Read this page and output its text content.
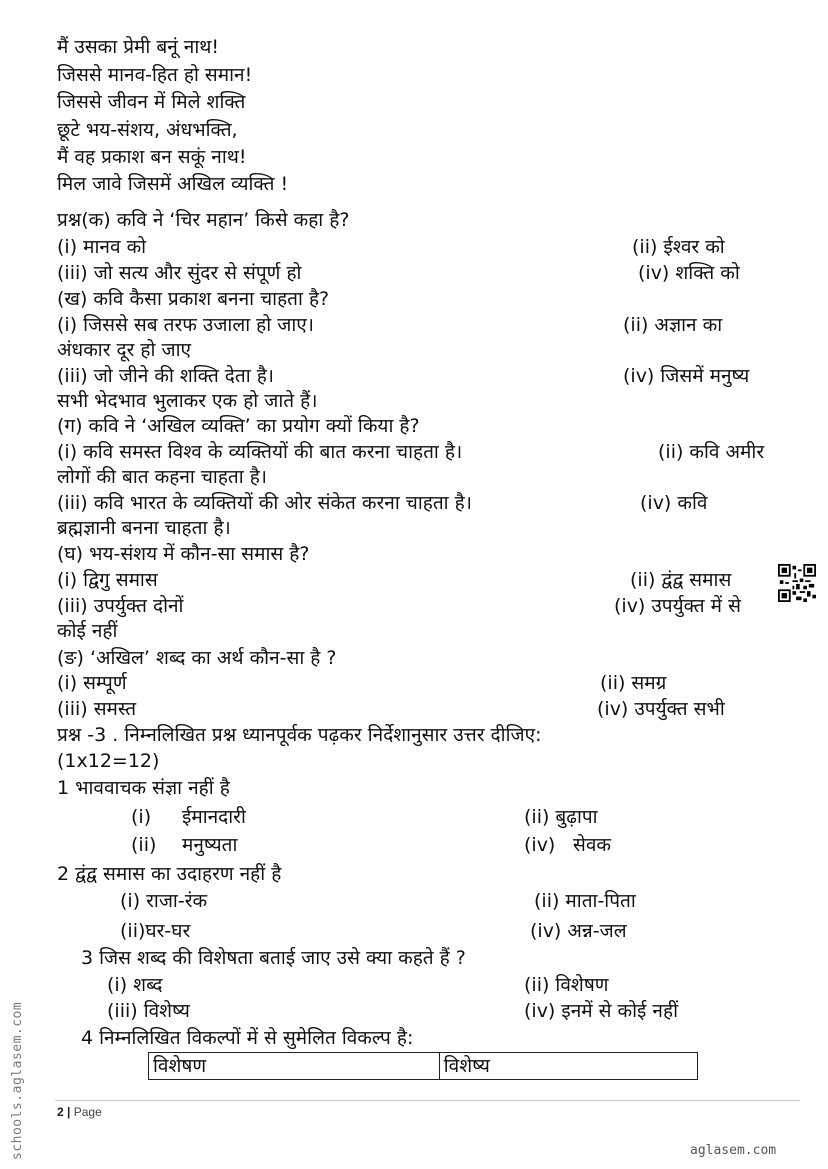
मैं उसका प्रेमी बनूं नाथ!
जिससे मानव-हित हो समान!
जिससे जीवन में मिले शक्ति
छूटे भय-संशय, अंधभक्ति,
मैं वह प्रकाश बन सकूं नाथ!
मिल जावे जिसमें अखिल व्यक्ति !
प्रश्न(क) कवि ने ‘चिर महान’ किसे कहा है?
(i) मानव को	(ii) ईश्वर को
(iii) जो सत्य और सुंदर से संपूर्ण हो	(iv) शक्ति को
(ख) कवि कैसा प्रकाश बनना चाहता है?
(i) जिससे सब तरफ उजाला हो जाए।	(ii) अज्ञान का
अंधकार दूर हो जाए
(iii) जो जीने की शक्ति देता है।	(iv) जिसमें मनुष्य
सभी भेदभाव भुलाकर एक हो जाते हैं।
(ग) कवि ने ‘अखिल व्यक्ति’ का प्रयोग क्यों किया है?
(i) कवि समस्त विश्व के व्यक्तियों की बात करना चाहता है।	(ii) कवि अमीर
लोगों की बात कहना चाहता है।
(iii) कवि भारत के व्यक्तियों की ओर संकेत करना चाहता है।	(iv) कवि
ब्रह्मज्ञानी बनना चाहता है।
(घ) भय-संशय में कौन-सा समास है?
(i) द्विगु समास	(ii) द्वंद्व समास
(iii) उपर्युक्त दोनों	(iv) उपर्युक्त में से
कोई नहीं
(ङ) ‘अखिल’ शब्द का अर्थ कौन-सा है ?
(i) सम्पूर्ण	(ii) समग्र
(iii) समस्त	(iv) उपर्युक्त सभी
प्रश्न -3 . निम्नलिखित प्रश्न ध्यानपूर्वक पढ़कर निर्देशानुसार उत्तर दीजिए:
(1x12=12)
1 भाववाचक संज्ञा नहीं है
(i) ईमानदारी	(ii) बुढ़ापा
(ii) मनुष्यता	(iv) सेवक
2 द्वंद्व समास का उदाहरण नहीं है
(i) राजा-रंक	(ii) माता-पिता
(ii)घर-घर	(iv) अन्न-जल
3 जिस शब्द की विशेषता बताई जाए उसे क्या कहते हैं ?
(i) शब्द	(ii) विशेषण
(iii) विशेष्य	(iv) इनमें से कोई नहीं
4 निम्नलिखित विकल्पों में से सुमेलित विकल्प है:
विशेषण	विशेष्य
schools.aglasem.com	2 | Page
aglasem.com
